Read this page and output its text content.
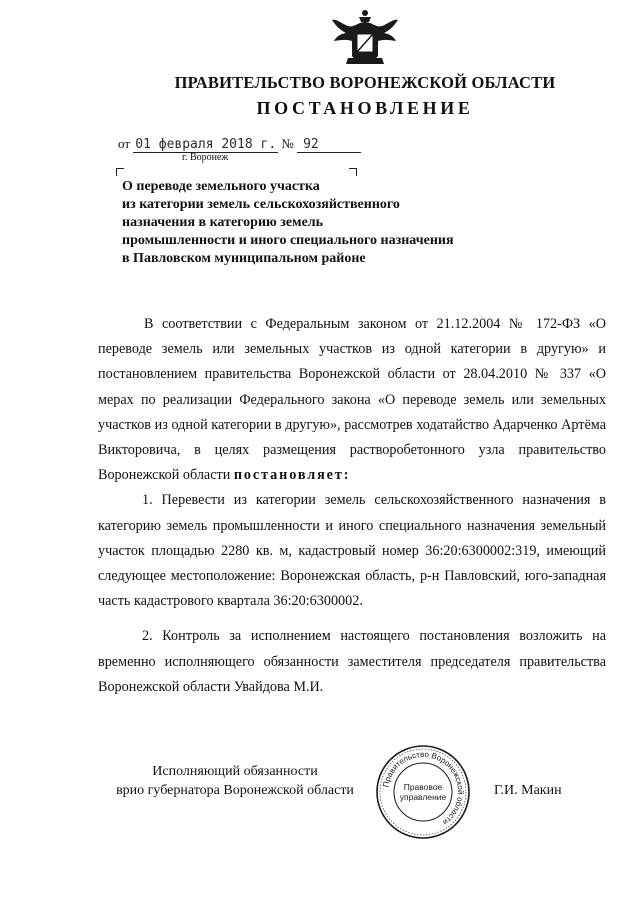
ПРАВИТЕЛЬСТВО ВОРОНЕЖСКОЙ ОБЛАСТИ
ПОСТАНОВЛЕНИЕ
от 01 февраля 2018 г. № 92
г. Воронеж
О переводе земельного участка
из категории земель сельскохозяйственного
назначения в категорию земель
промышленности и иного специального назначения
в Павловском муниципальном районе

В соответствии с Федеральным законом от 21.12.2004 № 172-ФЗ «О переводе земель или земельных участков из одной категории в другую» и постановлением правительства Воронежской области от 28.04.2010 № 337 «О мерах по реализации Федерального закона «О переводе земель или земельных участков из одной категории в другую», рассмотрев ходатайство Адарченко Артёма Викторовича, в целях размещения растворобетонного узла правительство Воронежской области постановляет:

1. Перевести из категории земель сельскохозяйственного назначения в категорию земель промышленности и иного специального назначения земельный участок площадью 2280 кв. м, кадастровый номер 36:20:6300002:319, имеющий следующее местоположение: Воронежская область, р-н Павловский, юго-западная часть кадастрового квартала 36:20:6300002.

2. Контроль за исполнением настоящего постановления возложить на временно исполняющего обязанности заместителя председателя правительства Воронежской области Увайдова М.И.

Исполняющий обязанности
врио губернатора Воронежской области	Правительство Воронежской области
Правовое
управление	Г.И. Макин
